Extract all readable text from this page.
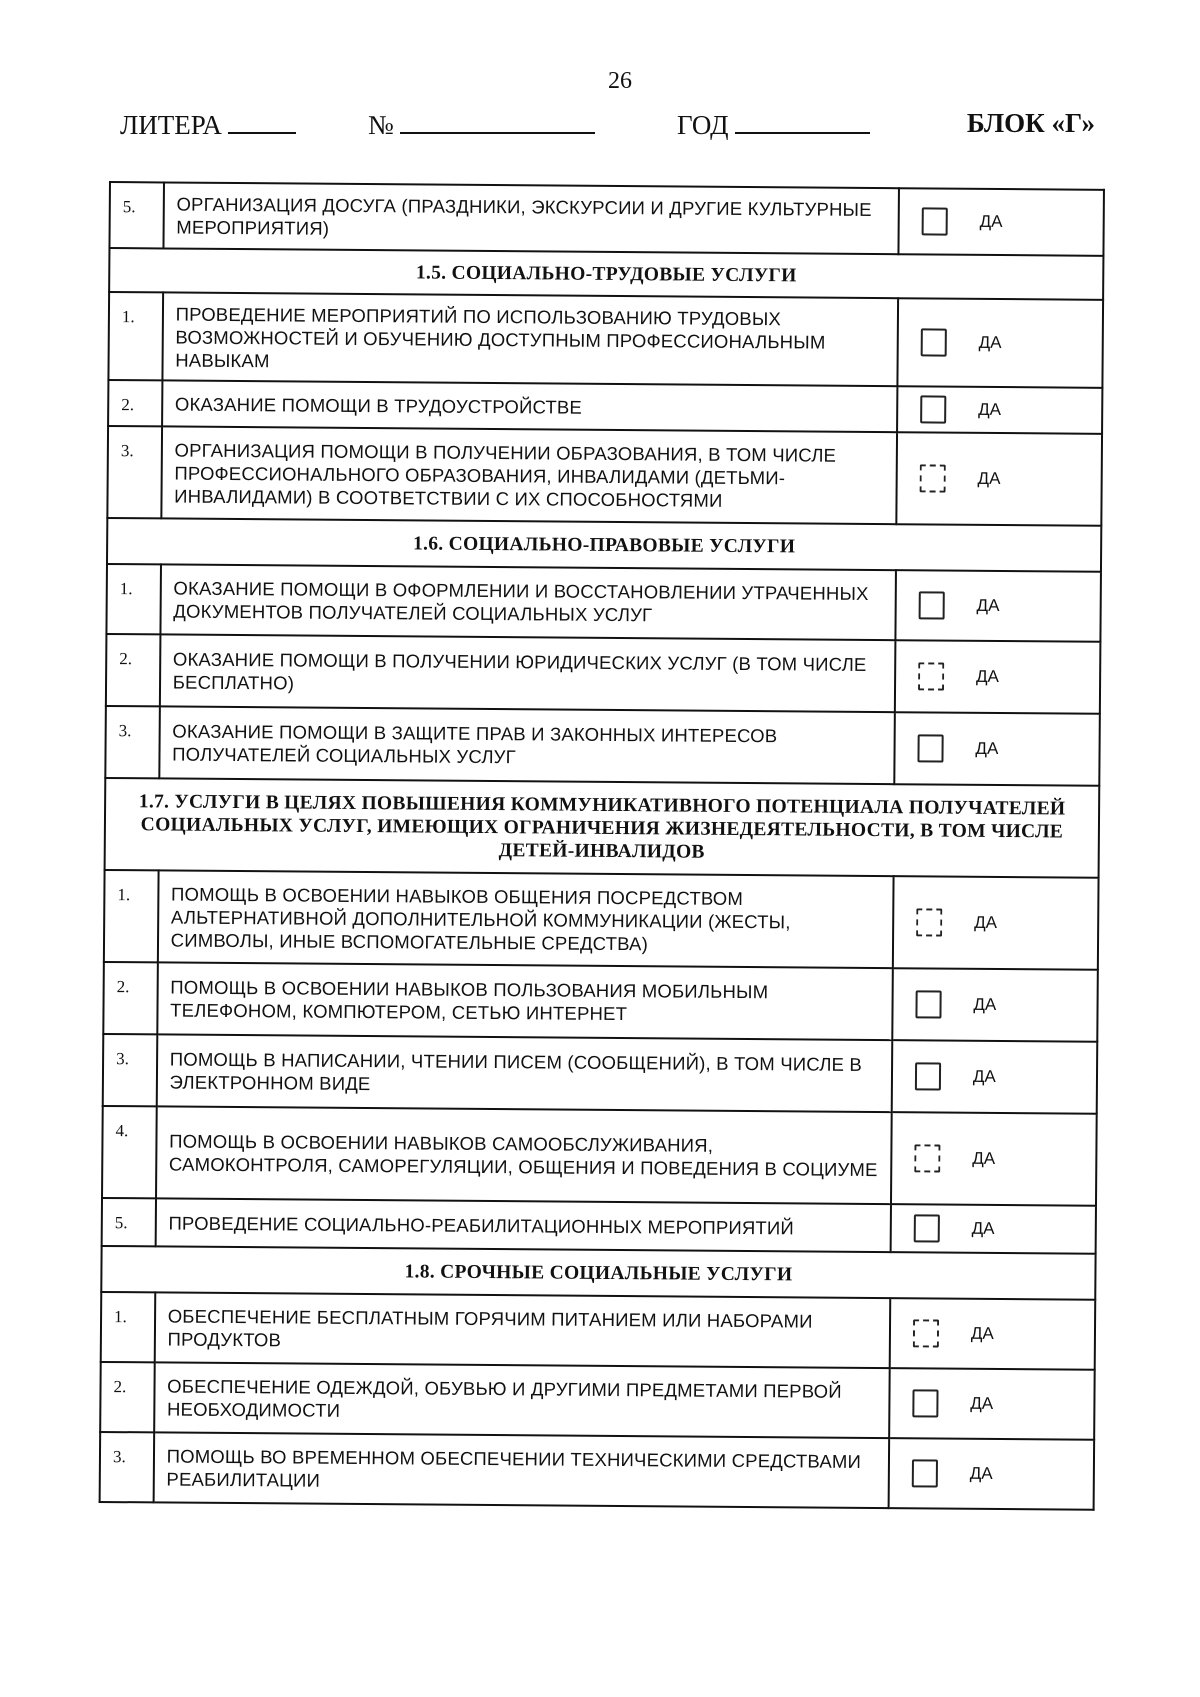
26
ЛИТЕРА	№	ГОД	БЛОК «Г»
5.	ОРГАНИЗАЦИЯ ДОСУГА (ПРАЗДНИКИ, ЭКСКУРСИИ И ДРУГИЕ КУЛЬТУРНЫЕ МЕРОПРИЯТИЯ)	ДА

1.5. СОЦИАЛЬНО-ТРУДОВЫЕ УСЛУГИ		
1.	ПРОВЕДЕНИЕ МЕРОПРИЯТИЙ ПО ИСПОЛЬЗОВАНИЮ ТРУДОВЫХ ВОЗМОЖНОСТЕЙ И ОБУЧЕНИЮ ДОСТУПНЫМ ПРОФЕССИОНАЛЬНЫМ НАВЫКАМ	ДА

2.	ОКАЗАНИЕ ПОМОЩИ В ТРУДОУСТРОЙСТВЕ	ДА

3.	ОРГАНИЗАЦИЯ ПОМОЩИ В ПОЛУЧЕНИИ ОБРАЗОВАНИЯ, В ТОМ ЧИСЛЕ ПРОФЕССИОНАЛЬНОГО ОБРАЗОВАНИЯ, ИНВАЛИДАМИ (ДЕТЬМИ-ИНВАЛИДАМИ) В СООТВЕТСТВИИ С ИХ СПОСОБНОСТЯМИ	ДА

1.6. СОЦИАЛЬНО-ПРАВОВЫЕ УСЛУГИ		
1.	ОКАЗАНИЕ ПОМОЩИ В ОФОРМЛЕНИИ И ВОССТАНОВЛЕНИИ УТРАЧЕННЫХ ДОКУМЕНТОВ ПОЛУЧАТЕЛЕЙ СОЦИАЛЬНЫХ УСЛУГ	ДА

2.	ОКАЗАНИЕ ПОМОЩИ В ПОЛУЧЕНИИ ЮРИДИЧЕСКИХ УСЛУГ (В ТОМ ЧИСЛЕ БЕСПЛАТНО)	ДА

3.	ОКАЗАНИЕ ПОМОЩИ В ЗАЩИТЕ ПРАВ И ЗАКОННЫХ ИНТЕРЕСОВ ПОЛУЧАТЕЛЕЙ СОЦИАЛЬНЫХ УСЛУГ	ДА

1.7. УСЛУГИ В ЦЕЛЯХ ПОВЫШЕНИЯ КОММУНИКАТИВНОГО ПОТЕНЦИАЛА ПОЛУЧАТЕЛЕЙ СОЦИАЛЬНЫХ УСЛУГ, ИМЕЮЩИХ ОГРАНИЧЕНИЯ ЖИЗНЕДЕЯТЕЛЬНОСТИ, В ТОМ ЧИСЛЕ ДЕТЕЙ-ИНВАЛИДОВ		
1.	ПОМОЩЬ В ОСВОЕНИИ НАВЫКОВ ОБЩЕНИЯ ПОСРЕДСТВОМ АЛЬТЕРНАТИВНОЙ ДОПОЛНИТЕЛЬНОЙ КОММУНИКАЦИИ (ЖЕСТЫ, СИМВОЛЫ, ИНЫЕ ВСПОМОГАТЕЛЬНЫЕ СРЕДСТВА)	ДА

2.	ПОМОЩЬ В ОСВОЕНИИ НАВЫКОВ ПОЛЬЗОВАНИЯ МОБИЛЬНЫМ ТЕЛЕФОНОМ, КОМПЮТЕРОМ, СЕТЬЮ ИНТЕРНЕТ	ДА

3.	ПОМОЩЬ В НАПИСАНИИ, ЧТЕНИИ ПИСЕМ (СООБЩЕНИЙ), В ТОМ ЧИСЛЕ В ЭЛЕКТРОННОМ ВИДЕ	ДА

4.	ПОМОЩЬ В ОСВОЕНИИ НАВЫКОВ САМООБСЛУЖИВАНИЯ, САМОКОНТРОЛЯ, САМОРЕГУЛЯЦИИ, ОБЩЕНИЯ И ПОВЕДЕНИЯ В СОЦИУМЕ	ДА

5.	ПРОВЕДЕНИЕ СОЦИАЛЬНО-РЕАБИЛИТАЦИОННЫХ МЕРОПРИЯТИЙ	ДА

1.8. СРОЧНЫЕ СОЦИАЛЬНЫЕ УСЛУГИ		
1.	ОБЕСПЕЧЕНИЕ БЕСПЛАТНЫМ ГОРЯЧИМ ПИТАНИЕМ ИЛИ НАБОРАМИ ПРОДУКТОВ	ДА

2.	ОБЕСПЕЧЕНИЕ ОДЕЖДОЙ, ОБУВЬЮ И ДРУГИМИ ПРЕДМЕТАМИ ПЕРВОЙ НЕОБХОДИМОСТИ	ДА

3.	ПОМОЩЬ ВО ВРЕМЕННОМ ОБЕСПЕЧЕНИИ ТЕХНИЧЕСКИМИ СРЕДСТВАМИ РЕАБИЛИТАЦИИ	ДА
